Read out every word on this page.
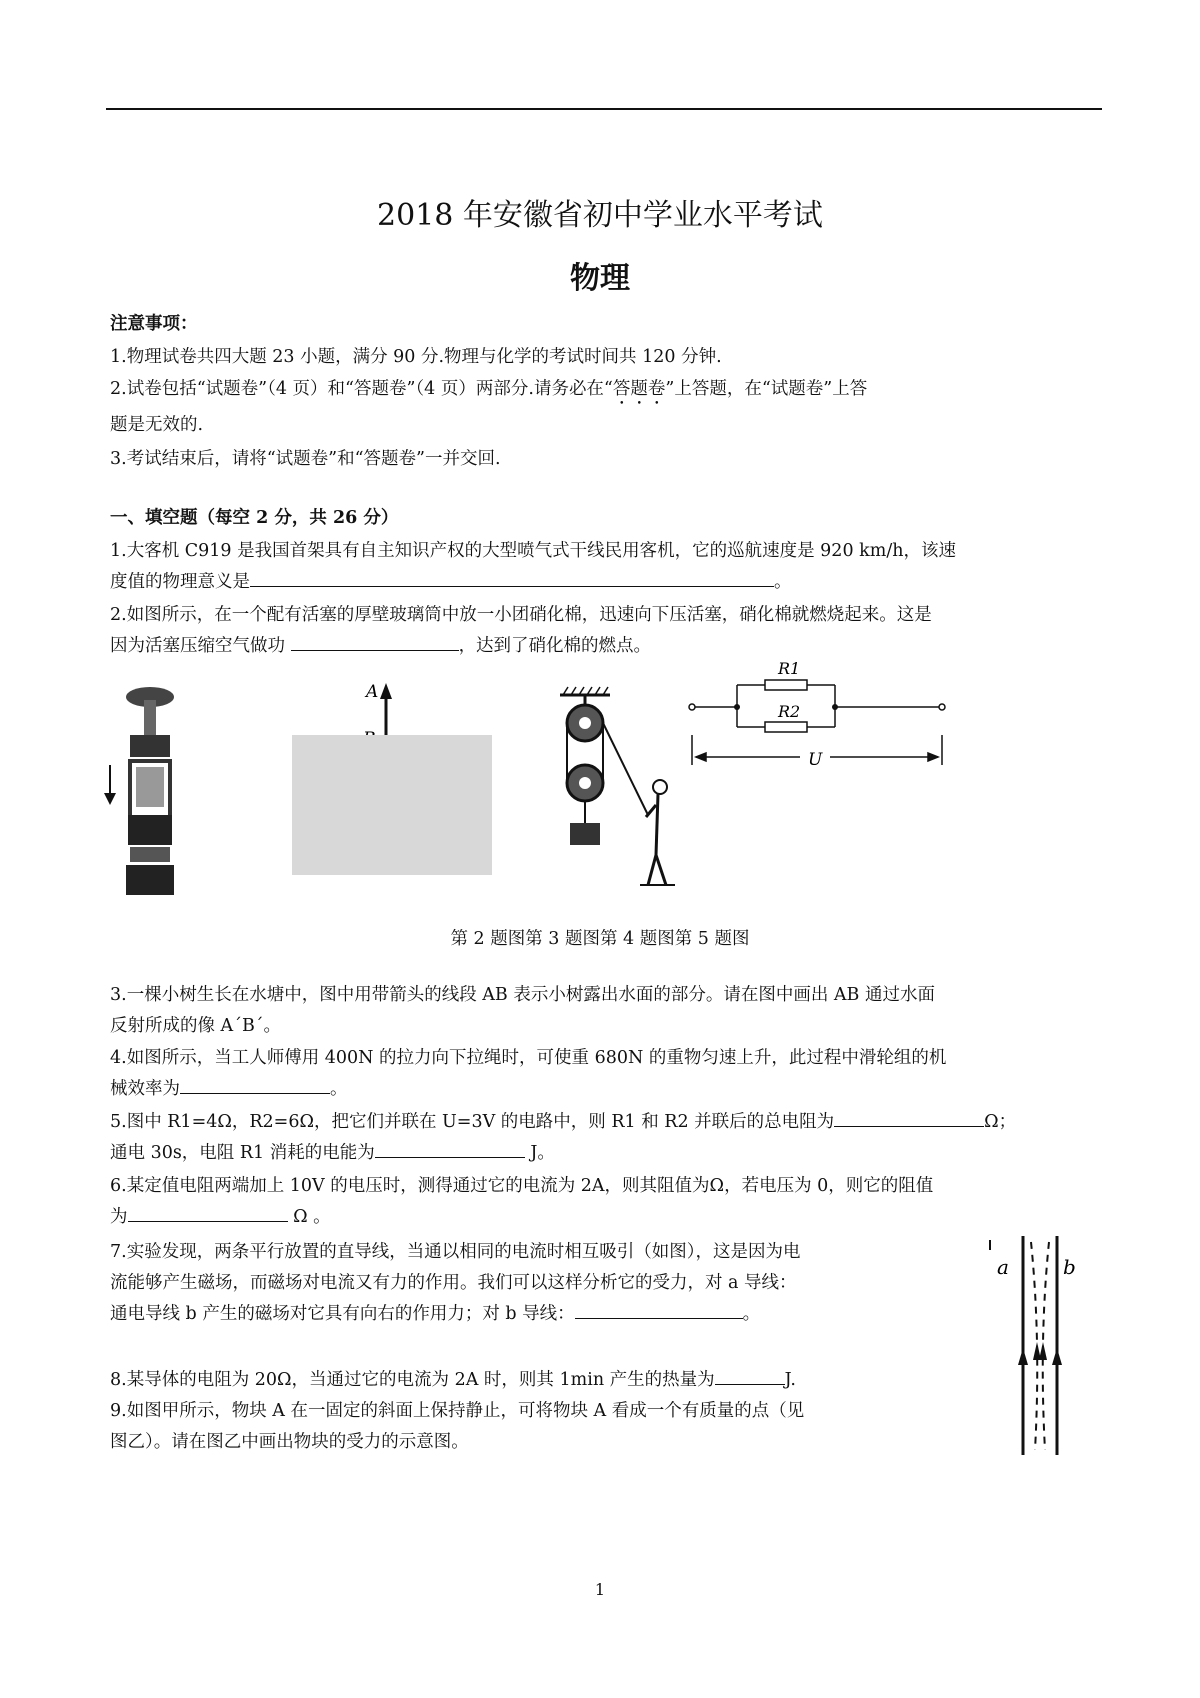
2018 年安徽省初中学业水平考试
物理
注意事项：
1.物理试卷共四大题 23 小题，满分 90 分.物理与化学的考试时间共 120 分钟.
2.试卷包括“试题卷”（4 页）和“答题卷”（4 页）两部分.请务必在“答题卷”上答题，在“试题卷”上答
题是无效的.
3.考试结束后，请将“试题卷”和“答题卷”一并交回.
一、填空题（每空 2 分，共 26 分）
1.大客机 C919 是我国首架具有自主知识产权的大型喷气式干线民用客机，它的巡航速度是 920 km/h，该速
度值的物理意义是	。
2.如图所示，在一个配有活塞的厚壁玻璃筒中放一小团硝化棉，迅速向下压活塞，硝化棉就燃烧起来。这是
因为活塞压缩空气做功	，达到了硝化棉的燃点。
A
R1
R2
U
第 2 题图第 3 题图第 4 题图第 5 题图
3.一棵小树生长在水塘中，图中用带箭头的线段 AB 表示小树露出水面的部分。请在图中画出 AB 通过水面
反射所成的像 A´B´。
4.如图所示，当工人师傅用 400N 的拉力向下拉绳时，可使重 680N 的重物匀速上升，此过程中滑轮组的机
械效率为	。
5.图中 R1=4Ω，R2=6Ω，把它们并联在 U=3V 的电路中，则 R1 和 R2 并联后的总电阻为	Ω；
通电 30s，电阻 R1 消耗的电能为	J。
6.某定值电阻两端加上 10V 的电压时，测得通过它的电流为 2A，则其阻值为Ω，若电压为 0，则它的阻值
为	Ω 。
7.实验发现，两条平行放置的直导线，当通以相同的电流时相互吸引（如图），这是因为电
流能够产生磁场，而磁场对电流又有力的作用。我们可以这样分析它的受力，对 a 导线：
通电导线 b 产生的磁场对它具有向右的作用力；对 b 导线：	。
a	b
8.某导体的电阻为 20Ω，当通过它的电流为 2A 时，则其 1min 产生的热量为	J.
9.如图甲所示，物块 A 在一固定的斜面上保持静止，可将物块 A 看成一个有质量的点（见
图乙）。请在图乙中画出物块的受力的示意图。
1
